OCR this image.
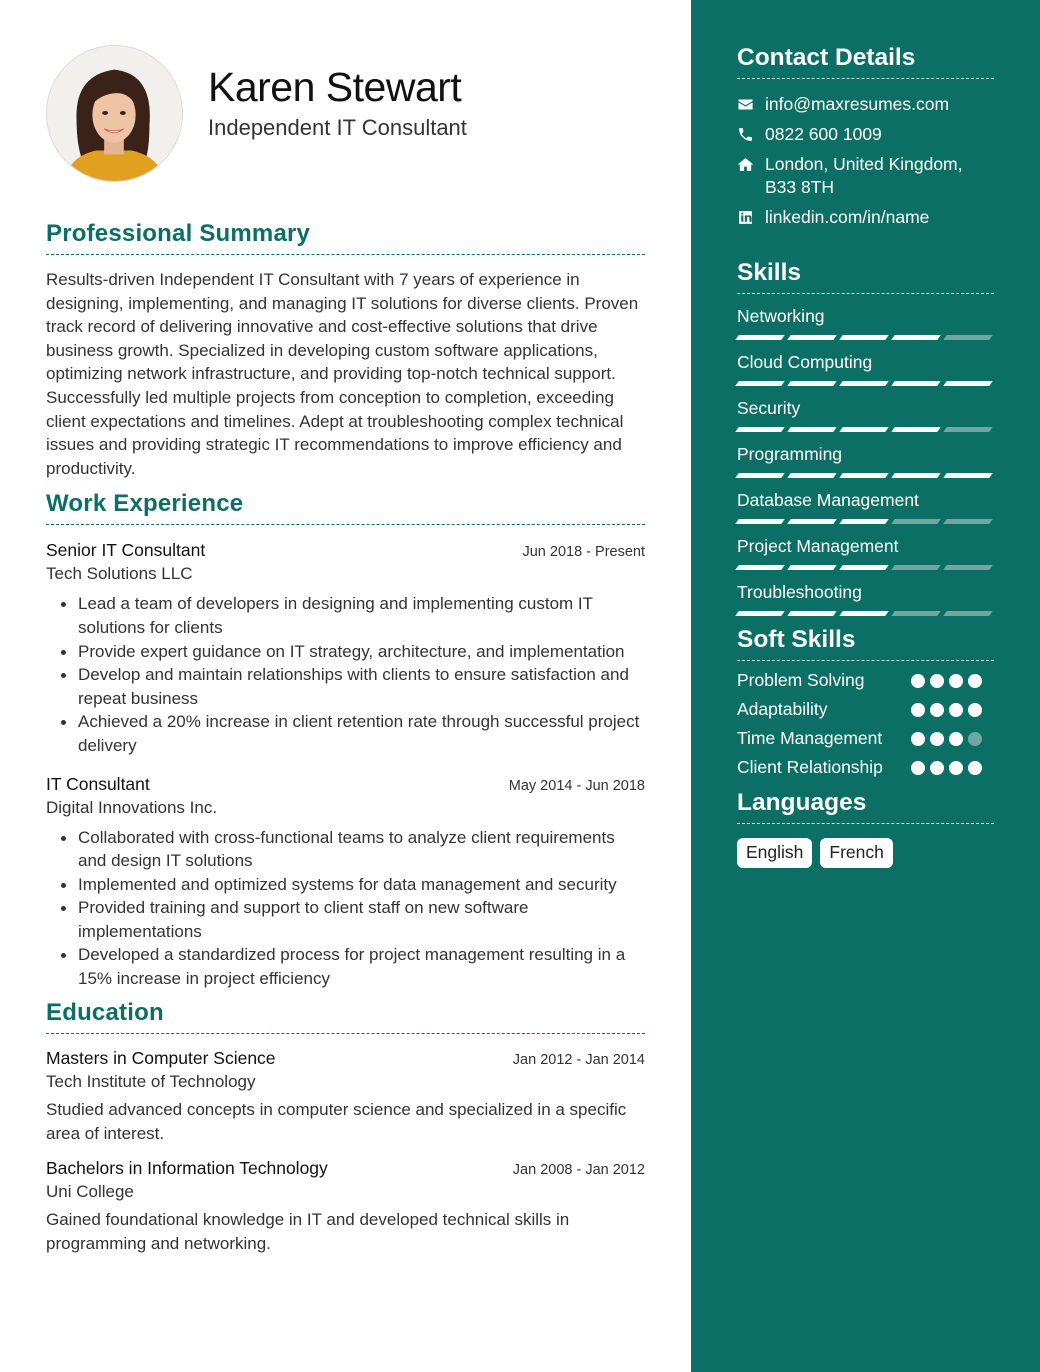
Karen Stewart
Independent IT Consultant
Professional Summary

Results-driven Independent IT Consultant with 7 years of experience in designing, implementing, and managing IT solutions for diverse clients. Proven track record of delivering innovative and cost-effective solutions that drive business growth. Specialized in developing custom software applications, optimizing network infrastructure, and providing top-notch technical support. Successfully led multiple projects from conception to completion, exceeding client expectations and timelines. Adept at troubleshooting complex technical issues and providing strategic IT recommendations to improve efficiency and productivity.

Work Experience
Senior IT Consultant	Jun 2018 - Present
Tech Solutions LLC
Lead a team of developers in designing and implementing custom IT solutions for clients
Provide expert guidance on IT strategy, architecture, and implementation
Develop and maintain relationships with clients to ensure satisfaction and repeat business
Achieved a 20% increase in client retention rate through successful project delivery
IT Consultant	May 2014 - Jun 2018
Digital Innovations Inc.
Collaborated with cross-functional teams to analyze client requirements and design IT solutions
Implemented and optimized systems for data management and security
Provided training and support to client staff on new software implementations
Developed a standardized process for project management resulting in a 15% increase in project efficiency
Education
Masters in Computer Science	Jan 2012 - Jan 2014
Tech Institute of Technology

Studied advanced concepts in computer science and specialized in a specific area of interest.

Bachelors in Information Technology	Jan 2008 - Jan 2012
Uni College

Gained foundational knowledge in IT and developed technical skills in programming and networking.

Contact Details
info@maxresumes.com
0822 600 1009
London, United Kingdom, B33 8TH
linkedin.com/in/name
Skills
Networking
Cloud Computing
Security
Programming
Database Management
Project Management
Troubleshooting
Soft Skills
Problem Solving
Adaptability
Time Management
Client Relationship
Languages
English	French
